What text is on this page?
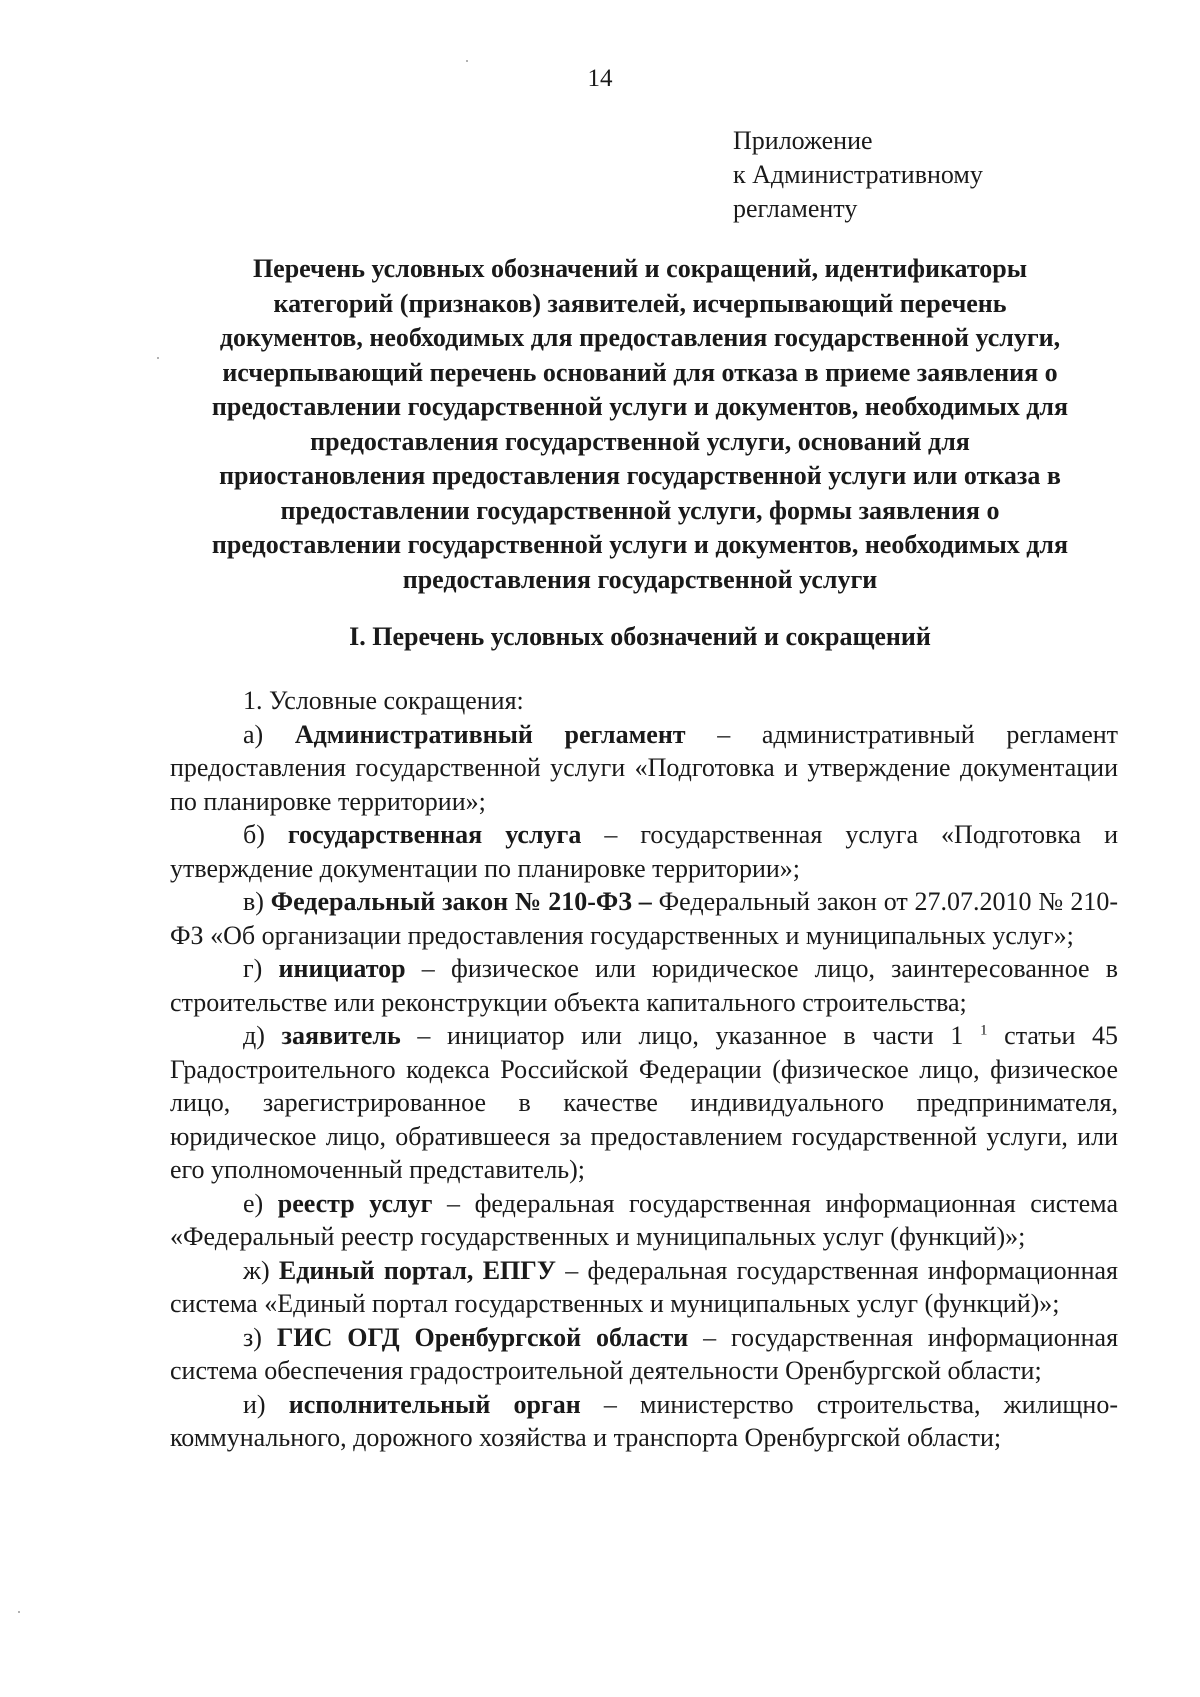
14
Приложение
к Административному
регламенту
Перечень условных обозначений и сокращений, идентификаторы
категорий (признаков) заявителей, исчерпывающий перечень
документов, необходимых для предоставления государственной услуги,
исчерпывающий перечень оснований для отказа в приеме заявления о
предоставлении государственной услуги и документов, необходимых для
предоставления государственной услуги, оснований для
приостановления предоставления государственной услуги или отказа в
предоставлении государственной услуги, формы заявления о
предоставлении государственной услуги и документов, необходимых для
предоставления государственной услуги
I. Перечень условных обозначений и сокращений

1. Условные сокращения:

а) Административный регламент – административный регламент предоставления государственной услуги «Подготовка и утверждение документации по планировке территории»;

б) государственная услуга – государственная услуга «Подготовка и утверждение документации по планировке территории»;

в) Федеральный закон № 210-ФЗ – Федеральный закон от 27.07.2010 № 210-ФЗ «Об организации предоставления государственных и муниципальных услуг»;

г) инициатор – физическое или юридическое лицо, заинтересованное в строительстве или реконструкции объекта капитального строительства;

д) заявитель – инициатор или лицо, указанное в части 1 $^1$ статьи 45 Градостроительного кодекса Российской Федерации (физическое лицо, физическое лицо, зарегистрированное в качестве индивидуального предпринимателя, юридическое лицо, обратившееся за предоставлением государственной услуги, или его уполномоченный представитель);

е) реестр услуг – федеральная государственная информационная система «Федеральный реестр государственных и муниципальных услуг (функций)»;

ж) Единый портал, ЕПГУ – федеральная государственная информационная система «Единый портал государственных и муниципальных услуг (функций)»;

з) ГИС ОГД Оренбургской области – государственная информационная система обеспечения градостроительной деятельности Оренбургской области;

и) исполнительный орган – министерство строительства, жилищно-коммунального, дорожного хозяйства и транспорта Оренбургской области;
